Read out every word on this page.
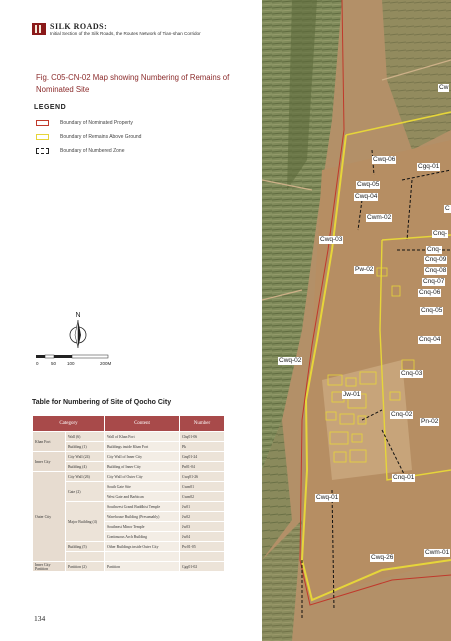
SILK ROADS:
Initial Section of the Silk Roads, the Routes Network of Tian-shan Corridor
Fig. C05-CN-02 Map showing Numbering of Remains of Nominated Site
LEGEND
Boundary of Nominated Property
Boundary of Remains Above Ground
Boundary of Numbered Zone
N
0	50 100	200M
Table for Numbering of Site of Qocho City
Category		Content	Number
Khan Fort	Wall (6)	Wall of Khan Fort	Chq01-06
	Building (1)	Buildings inside Khan Fort	Pk
Inner City	City Wall (24)	City Wall of Inner City	Cnq01-24
	Building (4)	Building of Inner City	Pn01-04
Outer City	City Wall (26)	City Wall of Outer City	Cwq01-26
	Gate (2)	South Gate Site	Cwm01
		West Gate and Barbican	Cwm02
	Major Building (4)	Southwest Grand Buddhist Temple	Jw01
		Warehouse Building (Presumably)	Jw02
		Southeast Minor Temple	Jw03
		Continuous Arch Building	Jw04
	Building (5)	Other Buildings inside Outer City	Pw01-05

Inner City Partition	Partition (2)	Partition	Cgq01-02
134
Cwq-06
Cgq-01
Cwq-05
Cwq-04
Cwm-02
Cwq-03
Pw-02
Cnq-
Cnq-
Cnq-09
Cnq-08
Cnq-07
Cnq-06
Cnq-05
Cnq-04
Cnq-03
Cwq-02
Jw-01
Cnq-02
Pn-02
Cnq-01
Cwq-01
Cwq-26
Cwm-01
Cw
C
